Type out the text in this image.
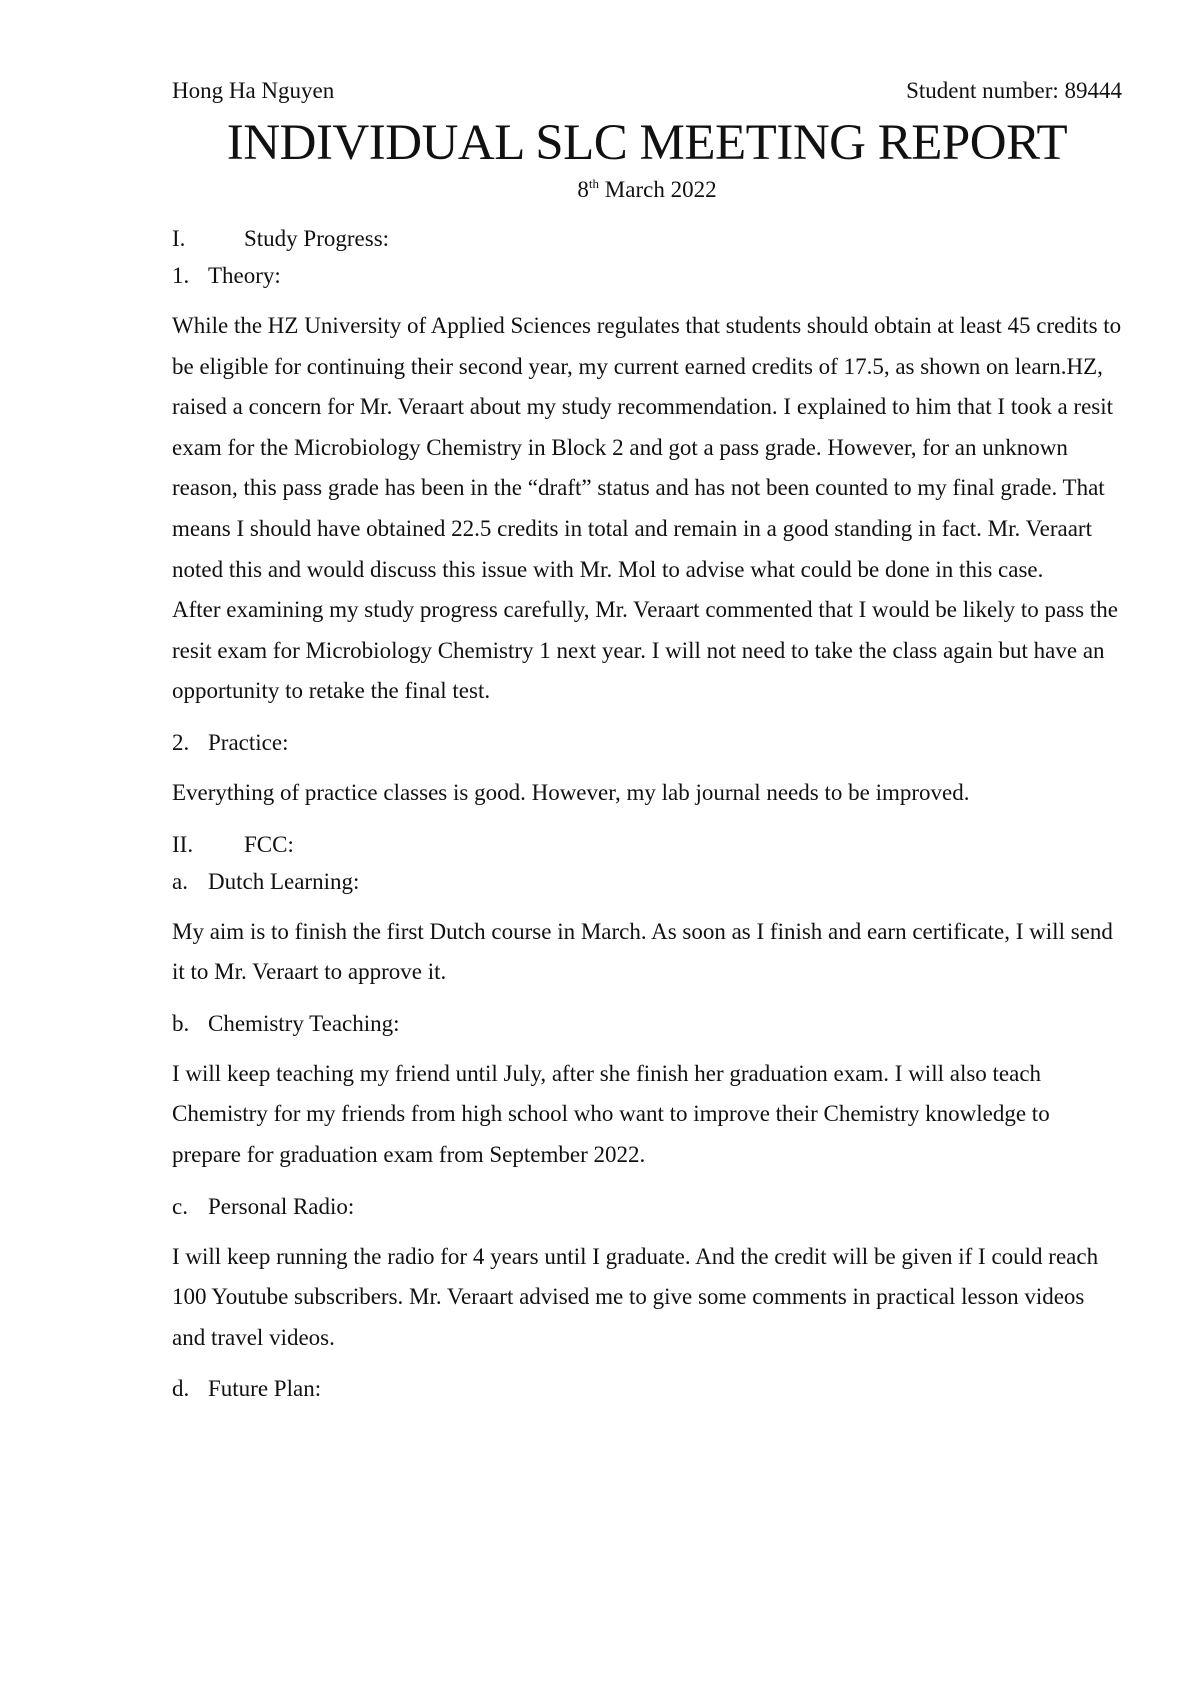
Hong Ha Nguyen	Student number: 89444
INDIVIDUAL SLC MEETING REPORT
8th March 2022
I.	Study Progress:
1. Theory:

While the HZ University of Applied Sciences regulates that students should obtain at least 45 credits to be eligible for continuing their second year, my current earned credits of 17.5, as shown on learn.HZ, raised a concern for Mr. Veraart about my study recommendation. I explained to him that I took a resit exam for the Microbiology Chemistry in Block 2 and got a pass grade. However, for an unknown reason, this pass grade has been in the “draft” status and has not been counted to my final grade. That means I should have obtained 22.5 credits in total and remain in a good standing in fact. Mr. Veraart noted this and would discuss this issue with Mr. Mol to advise what could be done in this case.

After examining my study progress carefully, Mr. Veraart commented that I would be likely to pass the resit exam for Microbiology Chemistry 1 next year. I will not need to take the class again but have an opportunity to retake the final test.

2. Practice:

Everything of practice classes is good. However, my lab journal needs to be improved.

II.	FCC:
a. Dutch Learning:

My aim is to finish the first Dutch course in March. As soon as I finish and earn certificate, I will send it to Mr. Veraart to approve it.

b. Chemistry Teaching:

I will keep teaching my friend until July, after she finish her graduation exam. I will also teach Chemistry for my friends from high school who want to improve their Chemistry knowledge to prepare for graduation exam from September 2022.

c. Personal Radio:

I will keep running the radio for 4 years until I graduate. And the credit will be given if I could reach 100 Youtube subscribers. Mr. Veraart advised me to give some comments in practical lesson videos and travel videos.

d. Future Plan:
